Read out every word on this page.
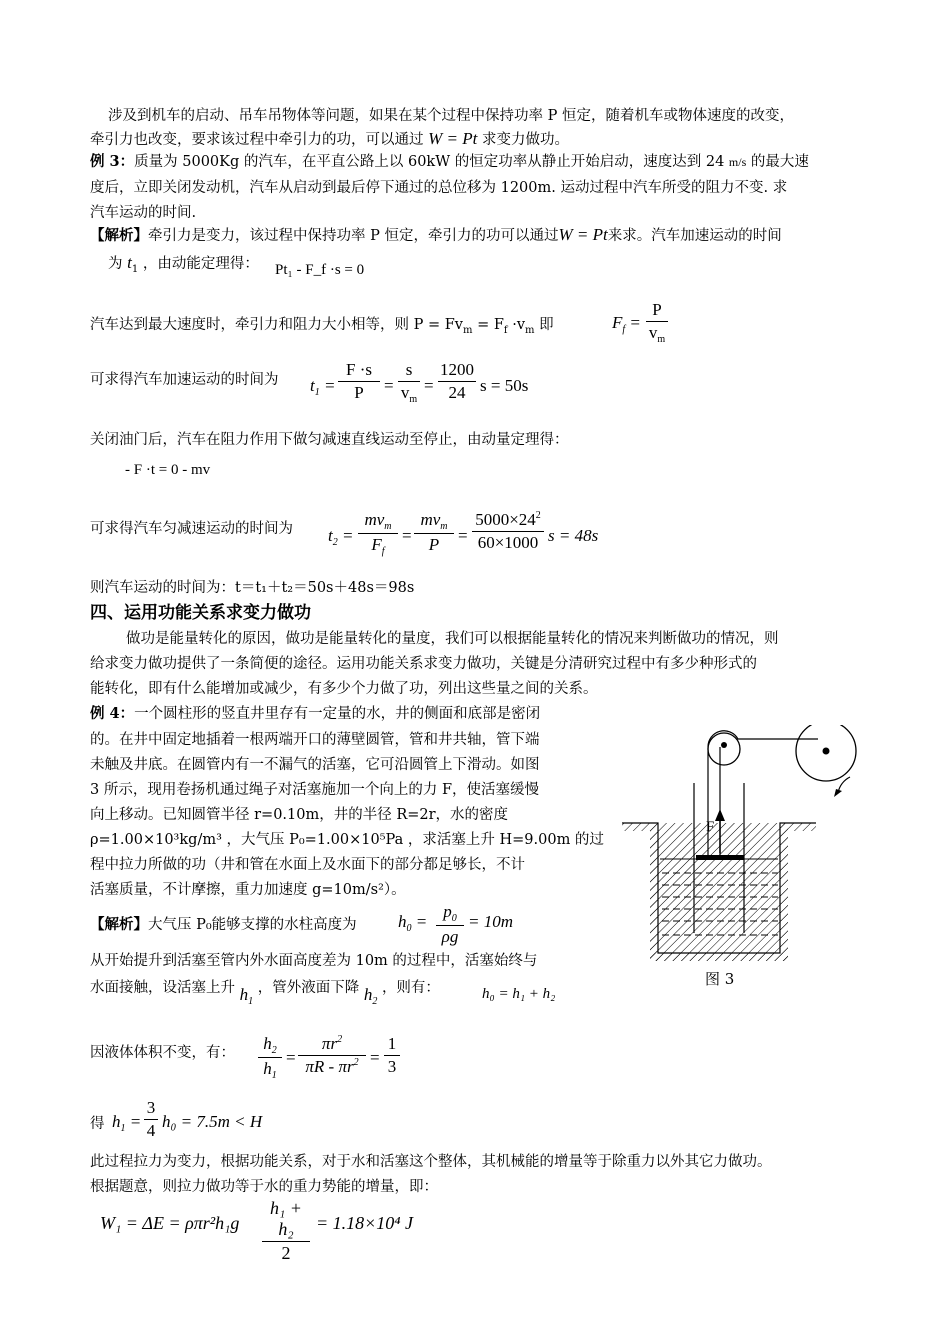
涉及到机车的启动、吊车吊物体等问题，如果在某个过程中保持功率 P 恒定，随着机车或物体速度的改变，
牵引力也改变，要求该过程中牵引力的功，可以通过 W = Pt 求变力做功。
例 3：质量为 5000Kg 的汽车，在平直公路上以 60kW 的恒定功率从静止开始启动，速度达到 24 m/s 的最大速
度后，立即关闭发动机，汽车从启动到最后停下通过的总位移为 1200m. 运动过程中汽车所受的阻力不变. 求
汽车运动的时间.
【解析】牵引力是变力，该过程中保持功率 P 恒定，牵引力的功可以通过W = Pt来求。汽车加速运动的时间
为 $t_1$ ，由动能定理得： Pt₁ - F_f ·s = 0
汽车达到最大速度时，牵引力和阻力大小相等，则 $P = Fv_m = F_f \cdot v_m$ 即	$F_f = \frac{P}{v_m}$
可求得汽车加速运动的时间为 $t_1 = \frac{F \cdot s}{P} = \frac{s}{v_m} = \frac{1200}{24}$ s = 50s
关闭油门后，汽车在阻力作用下做匀减速直线运动至停止，由动量定理得：
- F ·t = 0 - mv
可求得汽车匀减速运动的时间为 $t_2$ =
$mv_m$
$F_f$
=
$mv_m$
P	= $\frac{5000\times 24^2}{60\times 1000}$ s = 48s
则汽车运动的时间为：t＝t₁＋t₂＝50s＋48s＝98s
四、运用功能关系求变力做功
做功是能量转化的原因，做功是能量转化的量度，我们可以根据能量转化的情况来判断做功的情况，则
给求变力做功提供了一条简便的途径。运用功能关系求变力做功，关键是分清研究过程中有多少种形式的
能转化，即有什么能增加或减少，有多少个力做了功，列出这些量之间的关系。
例 4：一个圆柱形的竖直井里存有一定量的水，井的侧面和底部是密闭
的。在井中固定地插着一根两端开口的薄壁圆管，管和井共轴，管下端
未触及井底。在圆管内有一不漏气的活塞，它可沿圆管上下滑动。如图
3 所示，现用卷扬机通过绳子对活塞施加一个向上的力 F，使活塞缓慢
向上移动。已知圆管半径 r=0.10m，井的半径 R=2r，水的密度
ρ=1.00×10³kg/m³ ，大气压 P₀=1.00×10⁵Pa ，求活塞上升 H=9.00m 的过
程中拉力所做的功（井和管在水面上及水面下的部分都足够长，不计
活塞质量，不计摩擦，重力加速度 g=10m/s²）。
【解析】大气压 P₀能够支撑的水柱高度为 $h_0 = \frac{p_0}{\rho g} = 10m$
从开始提升到活塞至管内外水面高度差为 10m 的过程中，活塞始终与
水面接触，设活塞上升 $h_1$ ，管外液面下降 $h_2$ ，则有：	h₀ = h₁ + h₂
因液体体积不变，有： $\frac{h_2}{h_1} = \frac{\pi r^2}{\pi R - \pi r^2} = \frac{1}{3}$
得 $h_1 = \frac{3}{4} h_0 = 7.5m < H$
此过程拉力为变力，根据功能关系，对于水和活塞这个整体，其机械能的增量等于除重力以外其它力做功。
根据题意，则拉力做功等于水的重力势能的增量，即：
$W_1 = \Delta E = \rho\pi r^2h_1g \frac{\text{h₁ + h₂}}{2} = 1.18\times 10^4$ J
F
图 3
